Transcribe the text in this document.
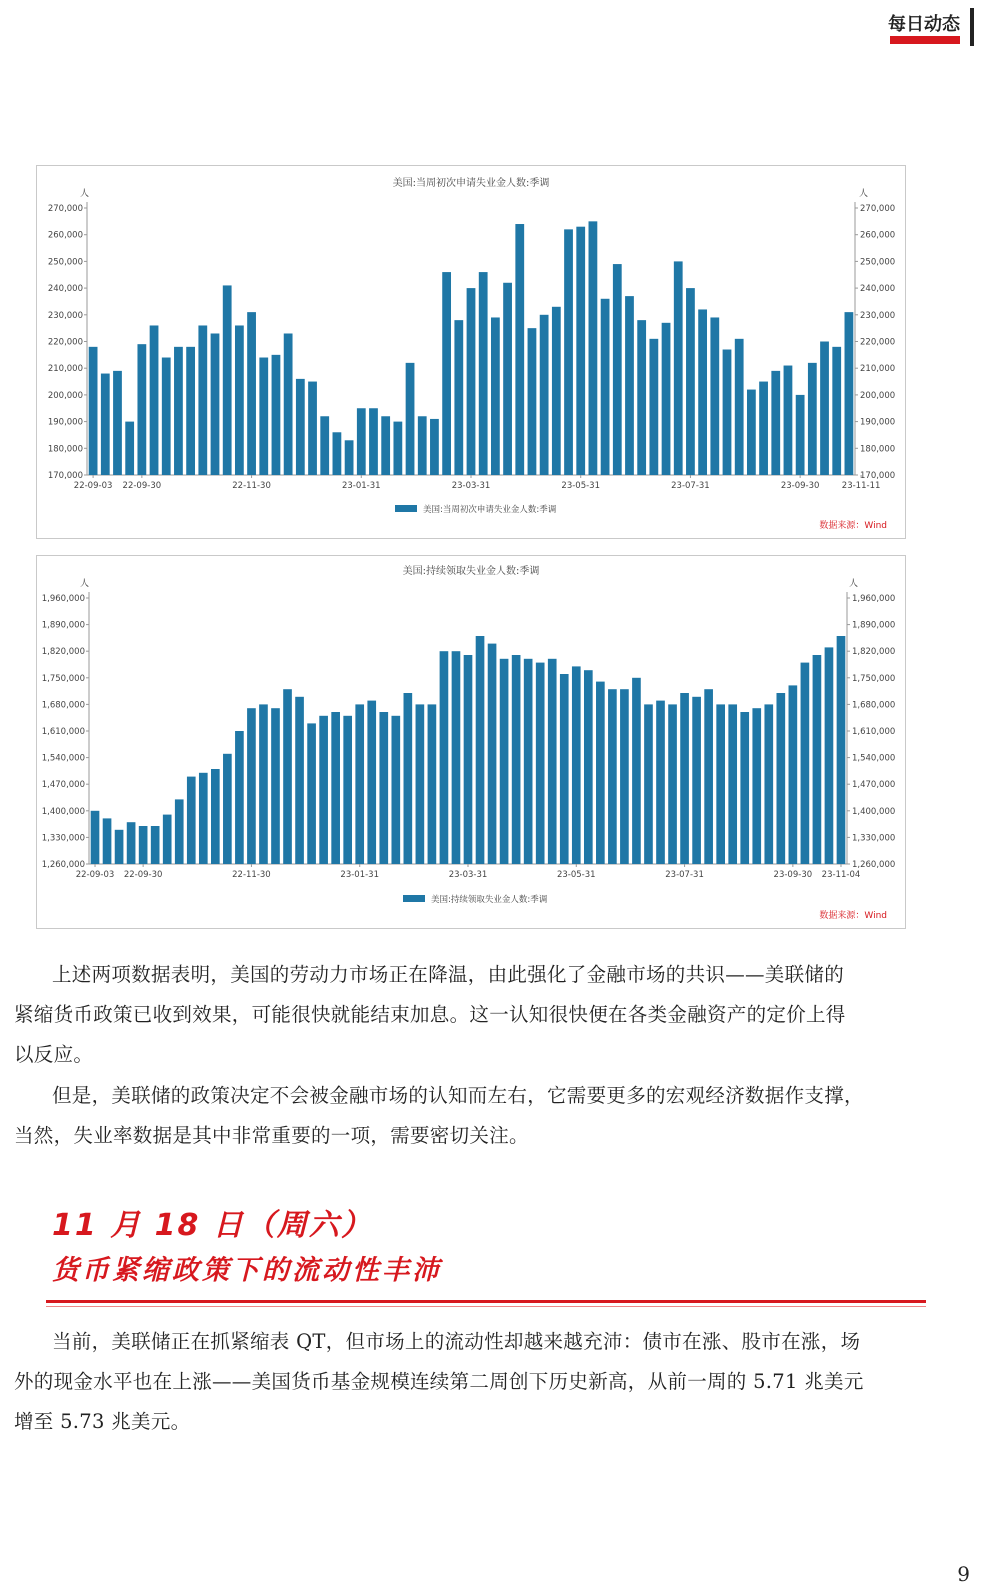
每日动态
美国:当周初次申请失业金人数:季调
人	人
美国:当周初次申请失业金人数:季调
数据来源：Wind
170,000	170,000
180,000	180,000
190,000	190,000
200,000	200,000
210,000	210,000
220,000	220,000
230,000	230,000
240,000	240,000
250,000	250,000
260,000	260,000
270,000	270,000
22-09-03 22-09-30	22-11-30	23-01-31	23-03-31	23-05-31	23-07-31	23-09-30	23-11-11
美国:持续领取失业金人数:季调
人	人
美国:持续领取失业金人数:季调
数据来源：Wind
1,260,000	1,260,000
1,330,000	1,330,000
1,400,000	1,400,000
1,470,000	1,470,000
1,540,000	1,540,000
1,610,000	1,610,000
1,680,000	1,680,000
1,750,000	1,750,000
1,820,000	1,820,000
1,890,000	1,890,000
1,960,000	1,960,000
22-09-03 22-09-30	22-11-30	23-01-31	23-03-31	23-05-31	23-07-31	23-09-30 23-11-04
上述两项数据表明，美国的劳动力市场正在降温，由此强化了金融市场的共识——美联储的
紧缩货币政策已收到效果，可能很快就能结束加息。这一认知很快便在各类金融资产的定价上得
以反应。
但是，美联储的政策决定不会被金融市场的认知而左右，它需要更多的宏观经济数据作支撑，
当然，失业率数据是其中非常重要的一项，需要密切关注。
11 月 18 日（周六）
货币紧缩政策下的流动性丰沛
当前，美联储正在抓紧缩表 QT，但市场上的流动性却越来越充沛：债市在涨、股市在涨，场
外的现金水平也在上涨——美国货币基金规模连续第二周创下历史新高，从前一周的 5.71 兆美元
增至 5.73 兆美元。
9
